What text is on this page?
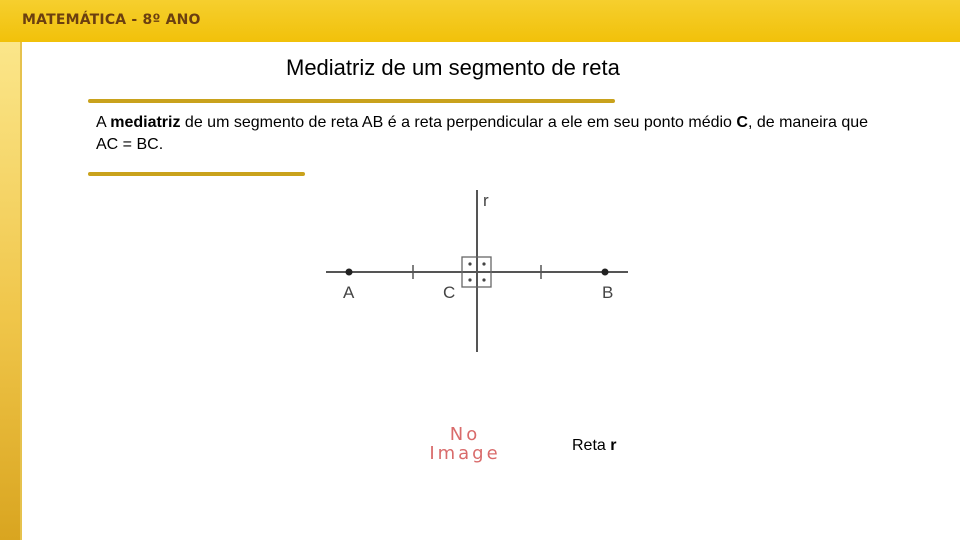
MATEMÁTICA - 8º ANO
Mediatriz de um segmento de reta
A mediatriz de um segmento de reta AB é a reta perpendicular a ele em seu ponto médio C, de maneira que AC = BC.
r
A	C	B
No
Image	Reta r
